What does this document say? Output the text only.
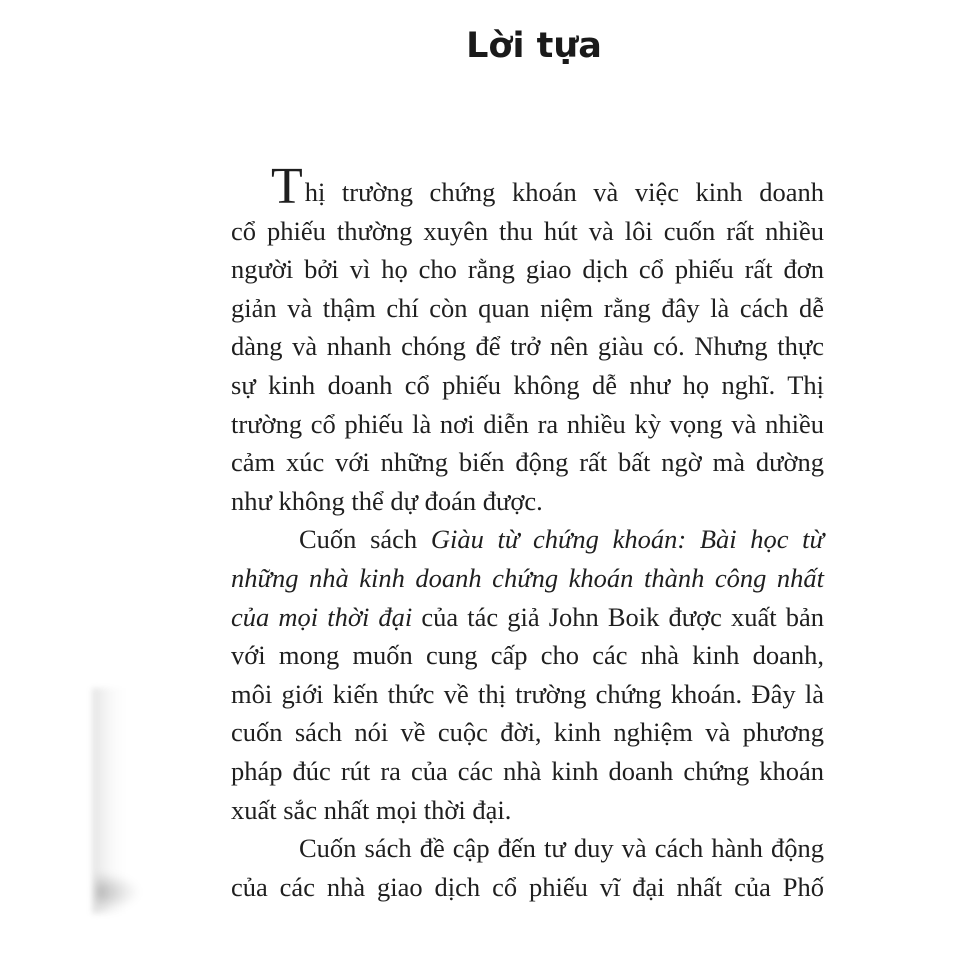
Lời tựa
Thị trường chứng khoán và việc kinh doanh
cổ phiếu thường xuyên thu hút và lôi cuốn rất nhiều
người bởi vì họ cho rằng giao dịch cổ phiếu rất đơn
giản và thậm chí còn quan niệm rằng đây là cách dễ
dàng và nhanh chóng để trở nên giàu có. Nhưng thực
sự kinh doanh cổ phiếu không dễ như họ nghĩ. Thị
trường cổ phiếu là nơi diễn ra nhiều kỳ vọng và nhiều
cảm xúc với những biến động rất bất ngờ mà dường
như không thể dự đoán được.
Cuốn sách Giàu từ chứng khoán: Bài học từ
những nhà kinh doanh chứng khoán thành công nhất
của mọi thời đại của tác giả John Boik được xuất bản
với mong muốn cung cấp cho các nhà kinh doanh,
môi giới kiến thức về thị trường chứng khoán. Đây là
cuốn sách nói về cuộc đời, kinh nghiệm và phương
pháp đúc rút ra của các nhà kinh doanh chứng khoán
xuất sắc nhất mọi thời đại.
Cuốn sách đề cập đến tư duy và cách hành động
của các nhà giao dịch cổ phiếu vĩ đại nhất của Phố
